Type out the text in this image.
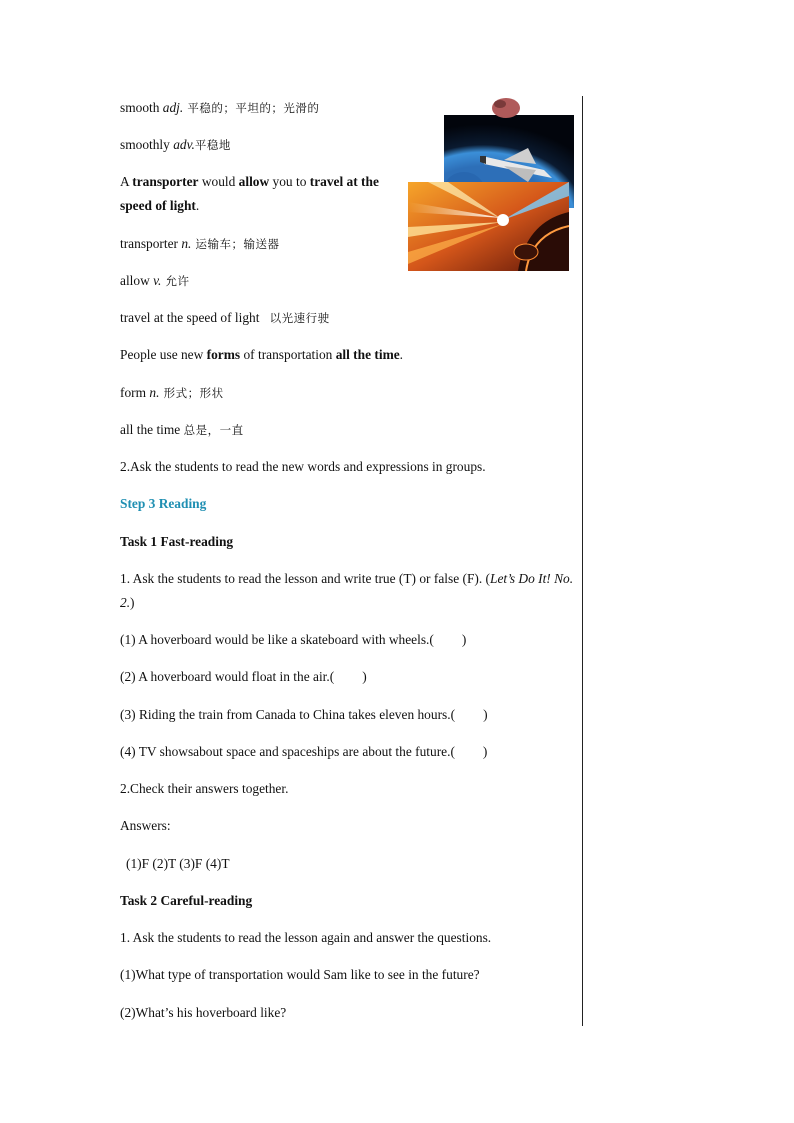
smooth adj. 平稳的；平坦的；光滑的
smoothly adv.平稳地
A transporter would allow you to travel at the speed of light.
transporter n. 运输车；输送器
allow v. 允许
travel at the speed of light 以光速行驶
People use new forms of transportation all the time.
form n. 形式；形状
all the time 总是，一直
2.Ask the students to read the new words and expressions in groups.
Step 3 Reading
Task 1 Fast-reading
1. Ask the students to read the lesson and write true (T) or false (F). (Let’s Do It! No. 2.)
(1) A hoverboard would be like a skateboard with wheels.( )
(2) A hoverboard would float in the air.( )
(3) Riding the train from Canada to China takes eleven hours.( )
(4) TV showsabout space and spaceships are about the future.( )
2.Check their answers together.
Answers:
(1)F (2)T (3)F (4)T
Task 2 Careful-reading
1. Ask the students to read the lesson again and answer the questions.
(1)What type of transportation would Sam like to see in the future?
(2)What’s his hoverboard like?
